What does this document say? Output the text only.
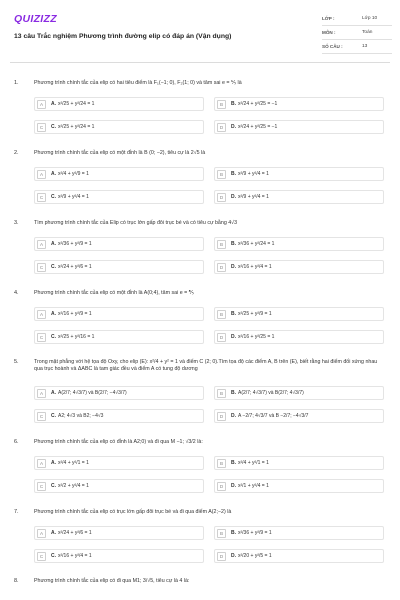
QUIZIZZ
13 câu Trắc nghiệm Phương trình đường elip có đáp án (Vận dụng)
LỚP :	Lớp 10
MÔN :	Toán
SỐ CÂU :	13
1.	Phương trình chính tắc của elip có hai tiêu điểm là F₁(−1; 0), F₂(1; 0) và tâm sai e = ⅕ là
A	A. x²/25 + y²/24 = 1	B	B. x²/24 + y²/25 = −1
C	C. x²/25 + y²/24 = 1	D	D. x²/24 + y²/25 = −1
2.	Phương trình chính tắc của elip có một đỉnh là B (0; −2), tiêu cự là 2√5 là
A	A. x²/4 + y²/9 = 1	B	B. x²/9 + y²/4 = 1
C	C. x²/9 + y²/4 = 1	D	D. x²/9 + y²/4 = 1
3.	Tìm phương trình chính tắc của Elip có trục lớn gấp đôi trục bé và có tiêu cự bằng 4√3
A	A. x²/36 + y²/9 = 1	B	B. x²/36 + y²/24 = 1
C	C. x²/24 + y²/6 = 1	D	D. x²/16 + y²/4 = 1
4.	Phương trình chính tắc của elip có một đỉnh là A(0;4), tâm sai e = ⅗
A	A. x²/16 + y²/9 = 1	B	B. x²/25 + y²/9 = 1
C	C. x²/25 + y²/16 = 1	D	D. x²/16 + y²/25 = 1
5.	Trong mặt phẳng với hệ tọa độ Oxy, cho elip (E): x²/4 + y² = 1 và điểm C (2; 0).Tìm tọa độ các điểm A, B trên (E), biết rằng hai điểm đối xứng nhau qua trục hoành và ΔABC là tam giác đều và điểm A có tung độ dương
A	A. A(2/7; 4√3/7) và B(2/7; −4√3/7)	B	B. A(2/7; 4√3/7) và B(2/7; 4√3/7)
C	C. A2; 4√3 và B2; −4√3	D	D. A −2/7; 4√3/7 và B −2/7; −4√3/7
6.	Phương trình chính tắc của elip có đỉnh là A2;0) và đi qua M −1; √3/2 là:
A	A. x²/4 + y²/1 = 1	B	B. x²/4 + y²/1 = 1
C	C. x²/2 + y²/4 = 1	D	D. x²/1 + y²/4 = 1
7.	Phương trình chính tắc của elip có trục lớn gấp đôi trục bé và đi qua điểm A(2;−2) là
A	A. x²/24 + y²/6 = 1	B	B. x²/36 + y²/9 = 1
C	C. x²/16 + y²/4 = 1	D	D. x²/20 + y²/5 = 1
8.	Phương trình chính tắc của elip có đi qua M1; 3/√5, tiêu cự là 4 là:
